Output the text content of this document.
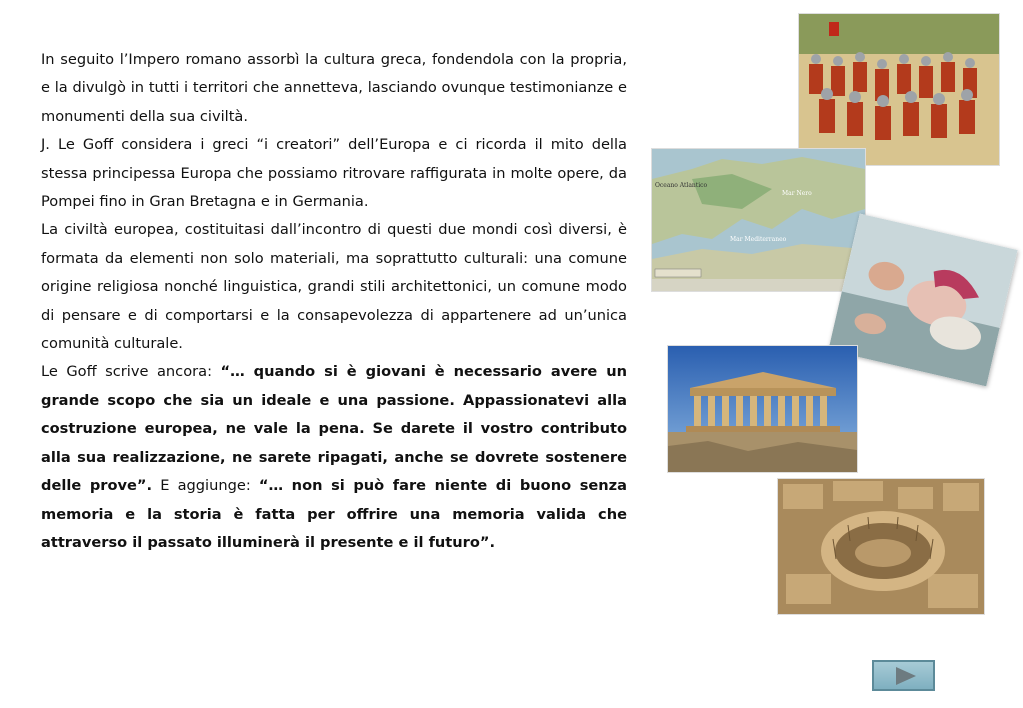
In seguito l’Impero romano assorbì la cultura greca, fondendola con la propria, e la divulgò in tutti i territori che annetteva, lasciando ovunque testimonianze e monumenti della sua civiltà.

J. Le Goff considera i greci “i creatori” dell’Europa e ci ricorda il mito della stessa principessa Europa che possiamo ritrovare raffigurata in molte opere, da Pompei fino in Gran Bretagna e in Germania.

La civiltà europea, costituitasi dall’incontro di questi due mondi così diversi, è formata da elementi non solo materiali, ma soprattutto culturali: una comune origine religiosa nonché linguistica, grandi stili architettonici, un comune modo di pensare e di comportarsi e la consapevolezza di appartenere ad un’unica comunità culturale.

Le Goff scrive ancora: “… quando si è giovani è necessario avere un grande scopo che sia un ideale e una passione. Appassionatevi alla costruzione europea, ne vale la pena. Se darete il vostro contributo alla sua realizzazione, ne sarete ripagati, anche se dovrete sostenere delle prove”. E aggiunge: “… non si può fare niente di buono senza memoria e la storia è fatta per offrire una memoria valida che attraverso il passato illuminerà il presente e il futuro”.

Oceano Atlantico
Mar Nero
Mar Mediterraneo
